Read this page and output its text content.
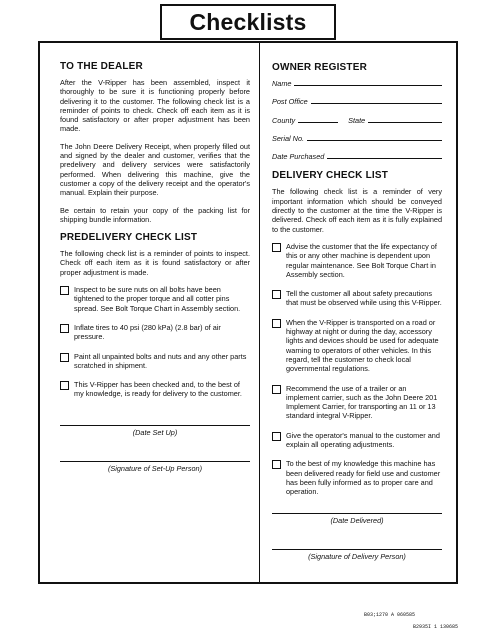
Checklists
TO THE DEALER

After the V-Ripper has been assembled, inspect it thoroughly to be sure it is functioning properly before delivering it to the customer. The following check list is a reminder of points to check. Check off each item as it is found satisfactory or after proper adjustment has been made.

The John Deere Delivery Receipt, when properly filled out and signed by the dealer and customer, verifies that the predelivery and delivery services were satisfactorily performed. When delivering this machine, give the customer a copy of the delivery receipt and the operator's manual. Explain their purpose.

Be certain to retain your copy of the packing list for shipping bundle information.

PREDELIVERY CHECK LIST

The following check list is a reminder of points to inspect. Check off each item as it is found satisfactory or after proper adjustment is made.

Inspect to be sure nuts on all bolts have been tightened to the proper torque and all cotter pins spread. See Bolt Torque Chart in Assembly section.
Inflate tires to 40 psi (280 kPa) (2.8 bar) of air pressure.
Paint all unpainted bolts and nuts and any other parts scratched in shipment.
This V-Ripper has been checked and, to the best of my knowledge, is ready for delivery to the customer.
(Date Set Up)
(Signature of Set-Up Person)
OWNER REGISTER
Name
Post Office
County	State
Serial No.
Date Purchased
DELIVERY CHECK LIST

The following check list is a reminder of very important information which should be conveyed directly to the customer at the time the V-Ripper is delivered. Check off each item as it is fully explained to the customer.

Advise the customer that the life expectancy of this or any other machine is dependent upon regular maintenance. See Bolt Torque Chart in Assembly section.
Tell the customer all about safety precautions that must be observed while using this V-Ripper.
When the V-Ripper is transported on a road or highway at night or during the day, accessory lights and devices should be used for adequate warning to operators of other vehicles. In this regard, tell the customer to check local governmental regulations.
Recommend the use of a trailer or an implement carrier, such as the John Deere 201 Implement Carrier, for transporting an 11 or 13 standard integral V-Ripper.
Give the operator's manual to the customer and explain all operating adjustments.
To the best of my knowledge this machine has been delivered ready for field use and customer has been fully informed as to proper care and operation.
(Date Delivered)
(Signature of Delivery Person)
B03;1270 A 060585
B2935I 1 130685
